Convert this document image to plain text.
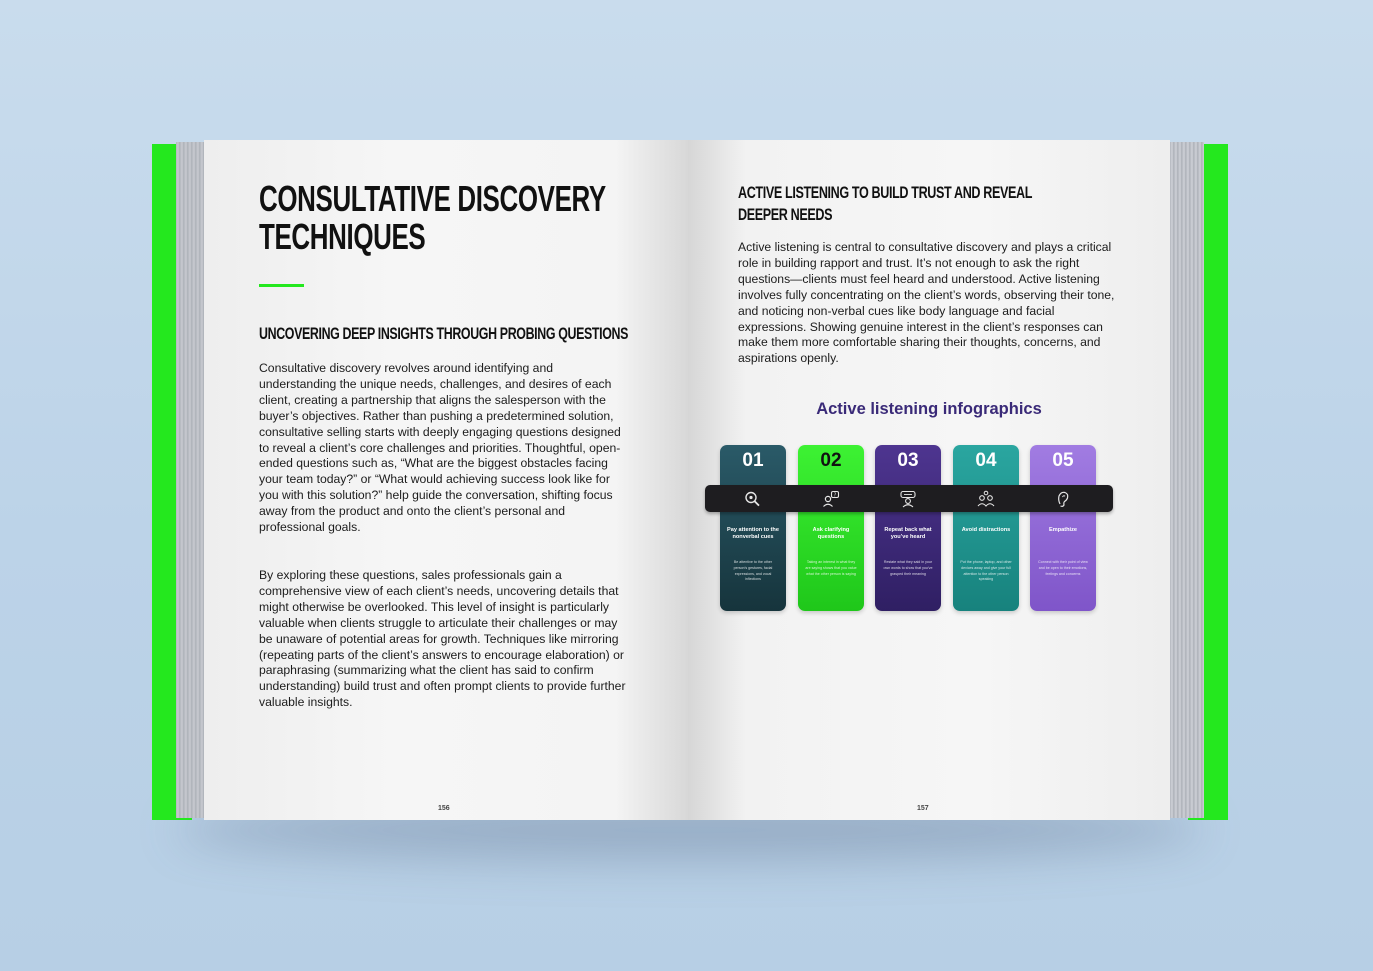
CONSULTATIVE DISCOVERY
TECHNIQUES
UNCOVERING DEEP INSIGHTS THROUGH PROBING QUESTIONS

Consultative discovery revolves around identifying and understanding the unique needs, challenges, and desires of each client, creating a partnership that aligns the salesperson with the buyer’s objectives. Rather than pushing a predetermined solution, consultative selling starts with deeply engaging questions designed to reveal a client’s core challenges and priorities. Thoughtful, open-ended questions such as, “What are the biggest obstacles facing your team today?” or “What would achieving success look like for you with this solution?” help guide the conversation, shifting focus away from the product and onto the client’s personal and professional goals.

By exploring these questions, sales professionals gain a comprehensive view of each client’s needs, uncovering details that might otherwise be overlooked. This level of insight is particularly valuable when clients struggle to articulate their challenges or may be unaware of potential areas for growth. Techniques like mirroring (repeating parts of the client’s answers to encourage elaboration) or paraphrasing (summarizing what the client has said to confirm understanding) build trust and often prompt clients to provide further valuable insights.

156
ACTIVE LISTENING TO BUILD TRUST AND REVEAL
DEEPER NEEDS

Active listening is central to consultative discovery and plays a critical role in building rapport and trust. It’s not enough to ask the right questions—clients must feel heard and understood. Active listening involves fully concentrating on the client’s words, observing their tone, and noticing non-verbal cues like body language and facial expressions. Showing genuine interest in the client’s responses can make them more comfortable sharing their thoughts, concerns, and aspirations openly.

Active listening infographics
01
Pay attention to the nonverbal cues
Be attentive to the other person’s gestures, facial expressions, and vocal inflections
02
Ask clarifying questions
Taking an interest in what they are saying shows that you value what the other person is saying
03
Repeat back what you’ve heard
Restate what they said in your own words to show that you’ve grasped their meaning
04
Avoid distractions
Put the phone, laptop, and other devices away and give your full attention to the other person speaking
05
Empathize
Connect with their point of view and be open to their emotions, feelings and concerns
?
157
